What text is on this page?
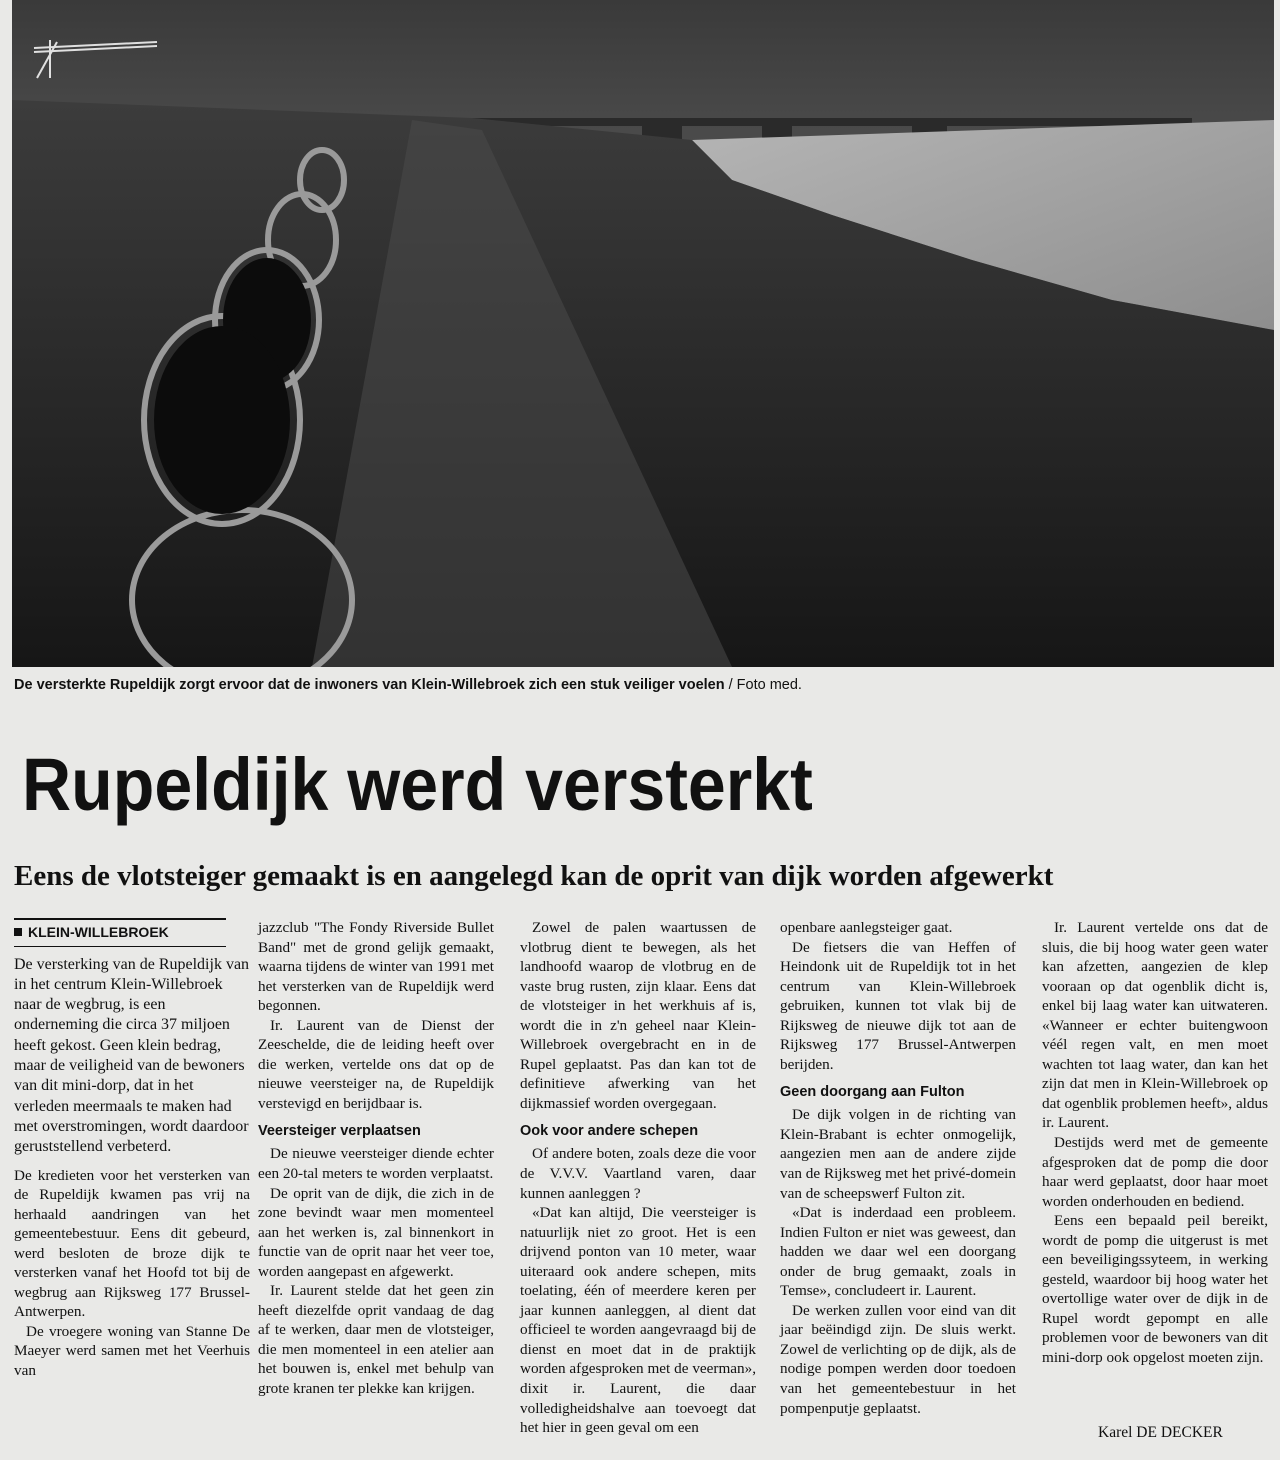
De versterkte Rupeldijk zorgt ervoor dat de inwoners van Klein-Willebroek zich een stuk veiliger voelen / Foto med.
Rupeldijk werd versterkt
Eens de vlotsteiger gemaakt is en aangelegd kan de oprit van dijk worden afgewerkt
KLEIN-WILLEBROEK

De versterking van de Rupeldijk van in het centrum Klein-Willebroek naar de wegbrug, is een onderneming die circa 37 miljoen heeft gekost. Geen klein bedrag, maar de veiligheid van de bewoners van dit mini-dorp, dat in het verleden meermaals te maken had met overstromingen, wordt daardoor geruststellend verbeterd.

De kredieten voor het versterken van de Rupeldijk kwamen pas vrij na herhaald aandringen van het gemeentebestuur. Eens dit gebeurd, werd besloten de broze dijk te versterken vanaf het Hoofd tot bij de wegbrug aan Rijksweg 177 Brussel-Antwerpen.

De vroegere woning van Stanne De Maeyer werd samen met het Veerhuis van

jazzclub "The Fondy Riverside Bullet Band" met de grond gelijk gemaakt, waarna tijdens de winter van 1991 met het versterken van de Rupeldijk werd begonnen.

Ir. Laurent van de Dienst der Zeeschelde, die de leiding heeft over die werken, vertelde ons dat op de nieuwe veersteiger na, de Rupeldijk verstevigd en berijdbaar is.

Veersteiger verplaatsen

De nieuwe veersteiger diende echter een 20-tal meters te worden verplaatst.

De oprit van de dijk, die zich in de zone bevindt waar men momenteel aan het werken is, zal binnenkort in functie van de oprit naar het veer toe, worden aangepast en afgewerkt.

Ir. Laurent stelde dat het geen zin heeft diezelfde oprit vandaag de dag af te werken, daar men de vlotsteiger, die men momenteel in een atelier aan het bouwen is, enkel met behulp van grote kranen ter plekke kan krijgen.

Zowel de palen waartussen de vlotbrug dient te bewegen, als het landhoofd waarop de vlotbrug en de vaste brug rusten, zijn klaar. Eens dat de vlotsteiger in het werkhuis af is, wordt die in z'n geheel naar Klein-Willebroek overgebracht en in de Rupel geplaatst. Pas dan kan tot de definitieve afwerking van het dijkmassief worden overgegaan.

Ook voor andere schepen

Of andere boten, zoals deze die voor de V.V.V. Vaartland varen, daar kunnen aanleggen ?

«Dat kan altijd, Die veersteiger is natuurlijk niet zo groot. Het is een drijvend ponton van 10 meter, waar uiteraard ook andere schepen, mits toelating, één of meerdere keren per jaar kunnen aanleggen, al dient dat officieel te worden aangevraagd bij de dienst en moet dat in de praktijk worden afgesproken met de veerman», dixit ir. Laurent, die daar volledigheidshalve aan toevoegt dat het hier in geen geval om een

openbare aanlegsteiger gaat.

De fietsers die van Heffen of Heindonk uit de Rupeldijk tot in het centrum van Klein-Willebroek gebruiken, kunnen tot vlak bij de Rijksweg de nieuwe dijk tot aan de Rijksweg 177 Brussel-Antwerpen berijden.

Geen doorgang aan Fulton

De dijk volgen in de richting van Klein-Brabant is echter onmogelijk, aangezien men aan de andere zijde van de Rijksweg met het privé-domein van de scheepswerf Fulton zit.

«Dat is inderdaad een probleem. Indien Fulton er niet was geweest, dan hadden we daar wel een doorgang onder de brug gemaakt, zoals in Temse», concludeert ir. Laurent.

De werken zullen voor eind van dit jaar beëindigd zijn. De sluis werkt. Zowel de verlichting op de dijk, als de nodige pompen werden door toedoen van het gemeentebestuur in het pompenputje geplaatst.

Ir. Laurent vertelde ons dat de sluis, die bij hoog water geen water kan afzetten, aangezien de klep vooraan op dat ogenblik dicht is, enkel bij laag water kan uitwateren. «Wanneer er echter buitengwoon véél regen valt, en men moet wachten tot laag water, dan kan het zijn dat men in Klein-Willebroek op dat ogenblik problemen heeft», aldus ir. Laurent.

Destijds werd met de gemeente afgesproken dat de pomp die door haar werd geplaatst, door haar moet worden onderhouden en bediend.

Eens een bepaald peil bereikt, wordt de pomp die uitgerust is met een beveiligingssyteem, in werking gesteld, waardoor bij hoog water het overtollige water over de dijk in de Rupel wordt gepompt en alle problemen voor de bewoners van dit mini-dorp ook opgelost moeten zijn.

Karel DE DECKER
